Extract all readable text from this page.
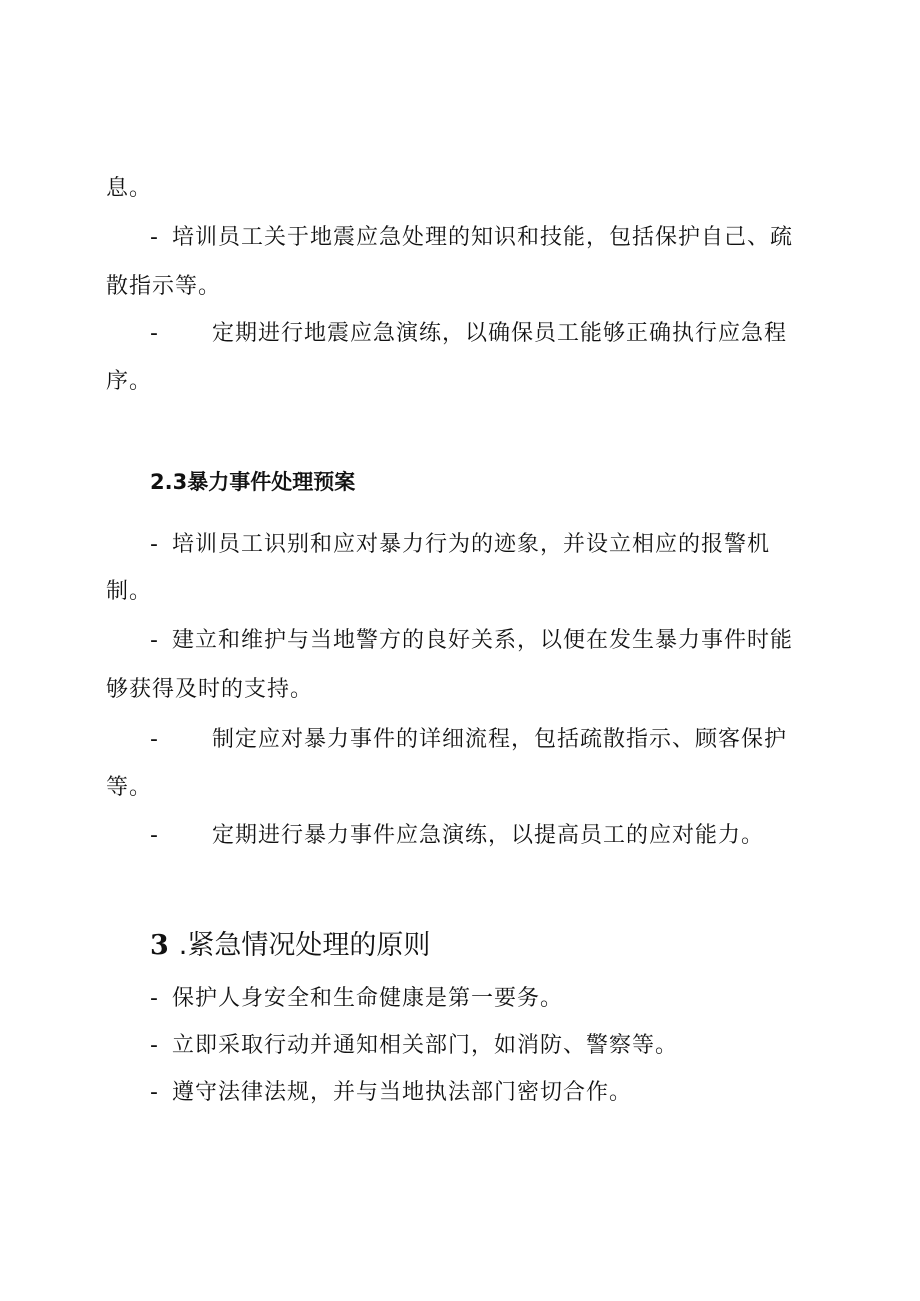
息。
- 培训员工关于地震应急处理的知识和技能，包括保护自己、疏
散指示等。
- 定期进行地震应急演练，以确保员工能够正确执行应急程
序。
2.3暴力事件处理预案
- 培训员工识别和应对暴力行为的迹象，并设立相应的报警机
制。
- 建立和维护与当地警方的良好关系，以便在发生暴力事件时能
够获得及时的支持。
- 制定应对暴力事件的详细流程，包括疏散指示、顾客保护
等。
- 定期进行暴力事件应急演练，以提高员工的应对能力。
3 .紧急情况处理的原则
- 保护人身安全和生命健康是第一要务。
- 立即采取行动并通知相关部门，如消防、警察等。
- 遵守法律法规，并与当地执法部门密切合作。
